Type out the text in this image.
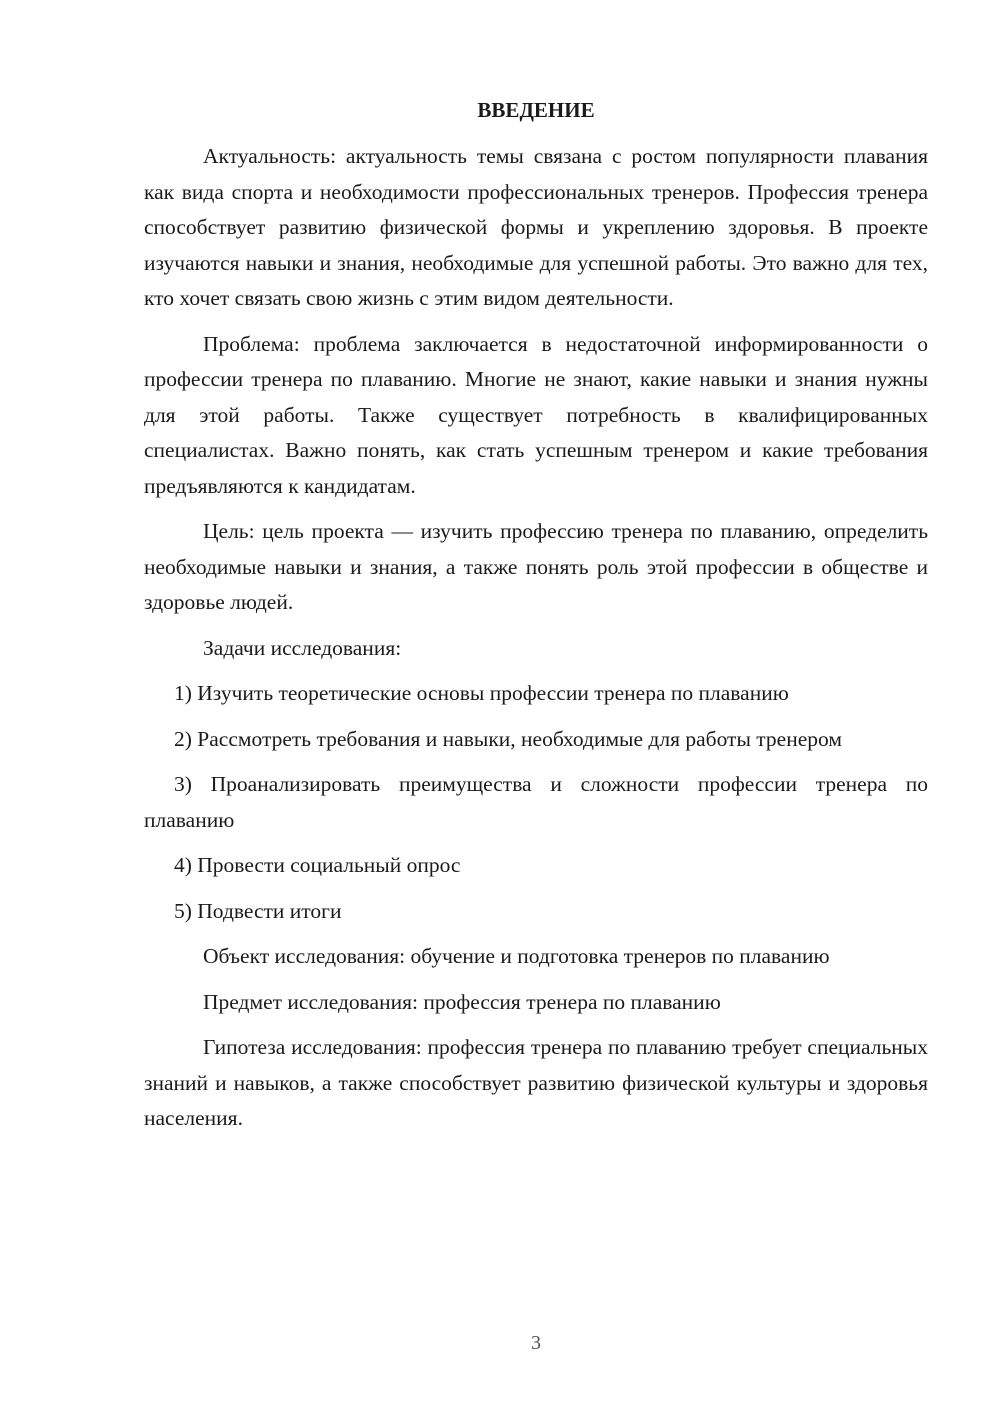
ВВЕДЕНИЕ

Актуальность: актуальность темы связана с ростом популярности плавания как вида спорта и необходимости профессиональных тренеров. Профессия тренера способствует развитию физической формы и укреплению здоровья. В проекте изучаются навыки и знания, необходимые для успешной работы. Это важно для тех, кто хочет связать свою жизнь с этим видом деятельности.

Проблема: проблема заключается в недостаточной информированности о профессии тренера по плаванию. Многие не знают, какие навыки и знания нужны для этой работы. Также существует потребность в квалифицированных специалистах. Важно понять, как стать успешным тренером и какие требования предъявляются к кандидатам.

Цель: цель проекта — изучить профессию тренера по плаванию, определить необходимые навыки и знания, а также понять роль этой профессии в обществе и здоровье людей.

Задачи исследования:

1) Изучить теоретические основы профессии тренера по плаванию

2) Рассмотреть требования и навыки, необходимые для работы тренером

3) Проанализировать преимущества и сложности профессии тренера по плаванию

4) Провести социальный опрос

5) Подвести итоги

Объект исследования: обучение и подготовка тренеров по плаванию

Предмет исследования: профессия тренера по плаванию

Гипотеза исследования: профессия тренера по плаванию требует специальных знаний и навыков, а также способствует развитию физической культуры и здоровья населения.

3
